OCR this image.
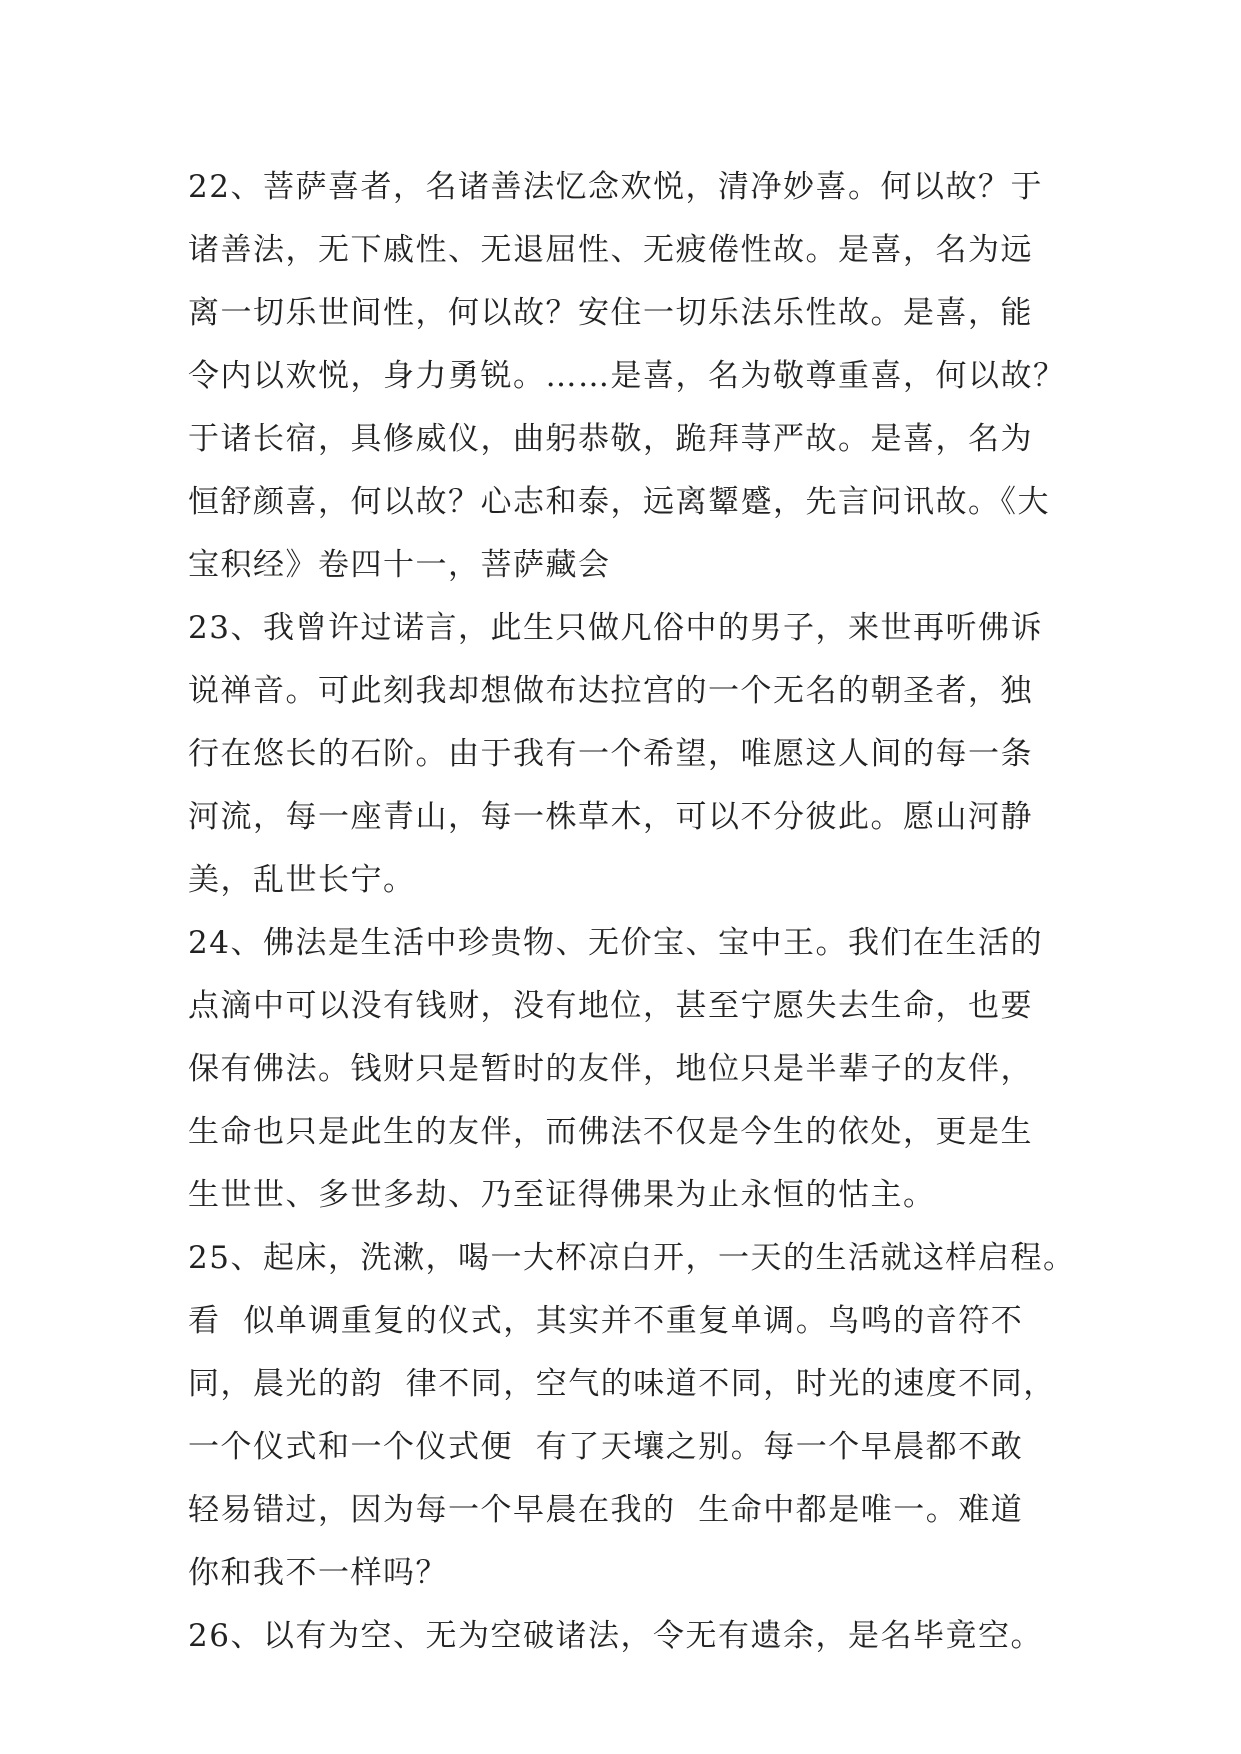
22、菩萨喜者，名诸善法忆念欢悦，清净妙喜。何以故？于
诸善法，无下戚性、无退屈性、无疲倦性故。是喜，名为远
离一切乐世间性，何以故？安住一切乐法乐性故。是喜，能
令内以欢悦，身力勇锐。……是喜，名为敬尊重喜，何以故？
于诸长宿，具修威仪，曲躬恭敬，跪拜荨严故。是喜，名为
恒舒颜喜，何以故？心志和泰，远离颦蹙，先言问讯故。《大
宝积经》卷四十一，菩萨藏会
23、我曾许过诺言，此生只做凡俗中的男子，来世再听佛诉
说禅音。可此刻我却想做布达拉宫的一个无名的朝圣者，独
行在悠长的石阶。由于我有一个希望，唯愿这人间的每一条
河流，每一座青山，每一株草木，可以不分彼此。愿山河静
美，乱世长宁。
24、佛法是生活中珍贵物、无价宝、宝中王。我们在生活的
点滴中可以没有钱财，没有地位，甚至宁愿失去生命，也要
保有佛法。钱财只是暂时的友伴，地位只是半辈子的友伴，
生命也只是此生的友伴，而佛法不仅是今生的依处，更是生
生世世、多世多劫、乃至证得佛果为止永恒的怙主。
25、起床，洗漱，喝一大杯凉白开，一天的生活就这样启程。
看  似单调重复的仪式，其实并不重复单调。鸟鸣的音符不
同，晨光的韵  律不同，空气的味道不同，时光的速度不同，
一个仪式和一个仪式便  有了天壤之别。每一个早晨都不敢
轻易错过，因为每一个早晨在我的  生命中都是唯一。难道
你和我不一样吗？
26、以有为空、无为空破诸法，令无有遗余，是名毕竟空。
